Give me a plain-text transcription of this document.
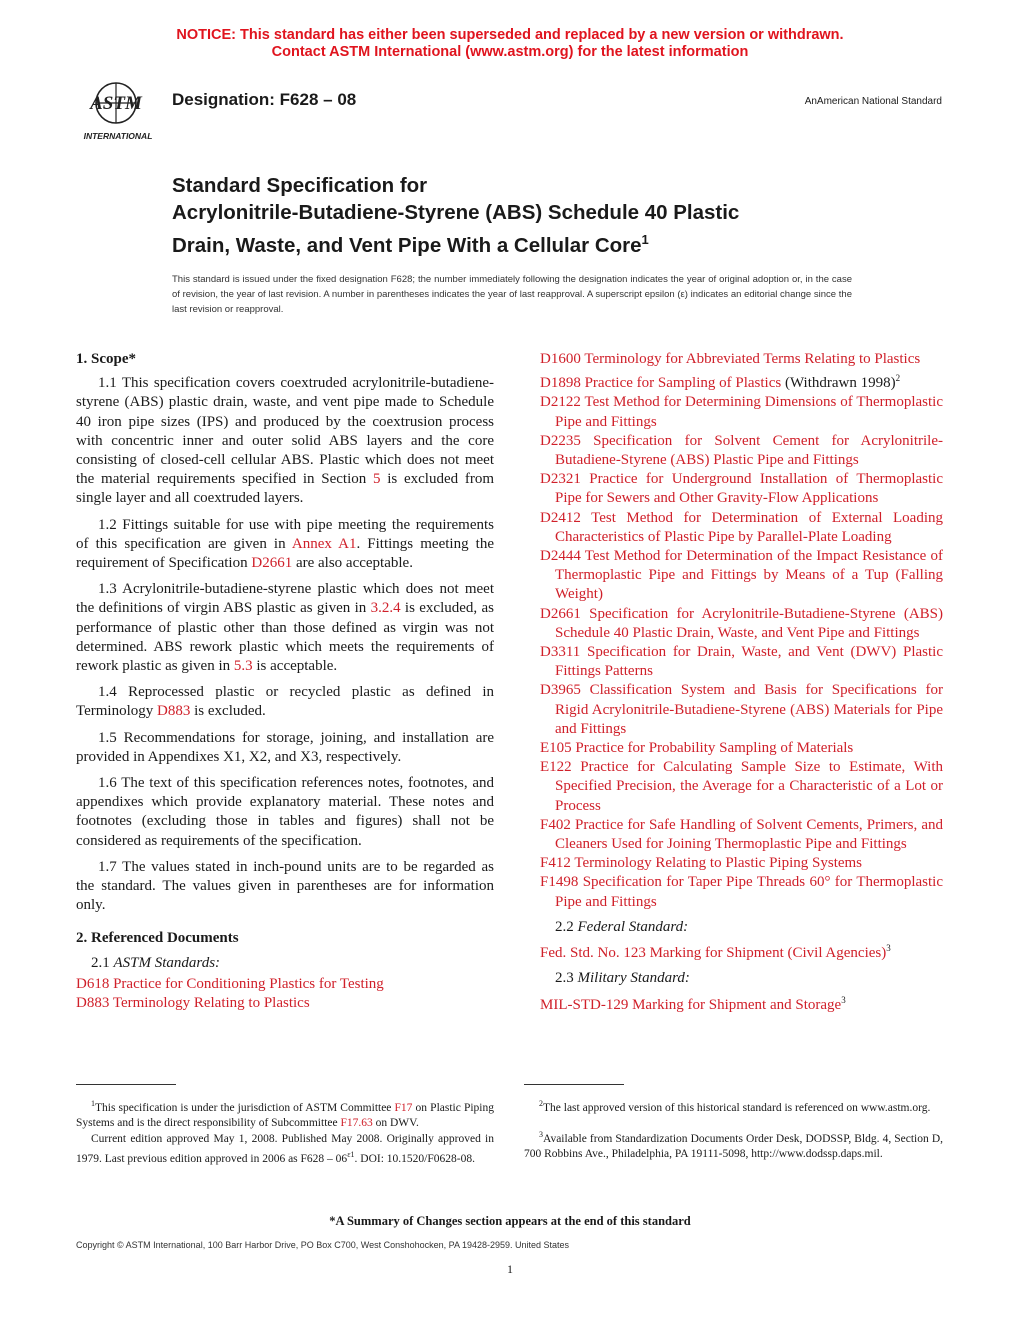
NOTICE: This standard has either been superseded and replaced by a new version or withdrawn.
Contact ASTM International (www.astm.org) for the latest information
ASTM
INTERNATIONAL
Designation: F628 – 08	AnAmerican National Standard
Standard Specification for
Acrylonitrile-Butadiene-Styrene (ABS) Schedule 40 Plastic
Drain, Waste, and Vent Pipe With a Cellular Core$^1$
This standard is issued under the fixed designation F628; the number immediately following the designation indicates the year of original adoption or, in the case of revision, the year of last revision. A number in parentheses indicates the year of last reapproval. A superscript epsilon (ε) indicates an editorial change since the last revision or reapproval.
1. Scope*

1.1 This specification covers coextruded acrylonitrile-butadiene-styrene (ABS) plastic drain, waste, and vent pipe made to Schedule 40 iron pipe sizes (IPS) and produced by the coextrusion process with concentric inner and outer solid ABS layers and the core consisting of closed-cell cellular ABS. Plastic which does not meet the material requirements specified in Section 5 is excluded from single layer and all coextruded layers.

1.2 Fittings suitable for use with pipe meeting the requirements of this specification are given in Annex A1. Fittings meeting the requirement of Specification D2661 are also acceptable.

1.3 Acrylonitrile-butadiene-styrene plastic which does not meet the definitions of virgin ABS plastic as given in 3.2.4 is excluded, as performance of plastic other than those defined as virgin was not determined. ABS rework plastic which meets the requirements of rework plastic as given in 5.3 is acceptable.

1.4 Reprocessed plastic or recycled plastic as defined in Terminology D883 is excluded.

1.5 Recommendations for storage, joining, and installation are provided in Appendixes X1, X2, and X3, respectively.

1.6 The text of this specification references notes, footnotes, and appendixes which provide explanatory material. These notes and footnotes (excluding those in tables and figures) shall not be considered as requirements of the specification.

1.7 The values stated in inch-pound units are to be regarded as the standard. The values given in parentheses are for information only.

2. Referenced Documents
2.1 ASTM Standards:

D618 Practice for Conditioning Plastics for Testing

D883 Terminology Relating to Plastics

D1600 Terminology for Abbreviated Terms Relating to Plastics

D1898 Practice for Sampling of Plastics (Withdrawn 1998)$^2$

D2122 Test Method for Determining Dimensions of Thermoplastic Pipe and Fittings

D2235 Specification for Solvent Cement for Acrylonitrile-Butadiene-Styrene (ABS) Plastic Pipe and Fittings

D2321 Practice for Underground Installation of Thermoplastic Pipe for Sewers and Other Gravity-Flow Applications

D2412 Test Method for Determination of External Loading Characteristics of Plastic Pipe by Parallel-Plate Loading

D2444 Test Method for Determination of the Impact Resistance of Thermoplastic Pipe and Fittings by Means of a Tup (Falling Weight)

D2661 Specification for Acrylonitrile-Butadiene-Styrene (ABS) Schedule 40 Plastic Drain, Waste, and Vent Pipe and Fittings

D3311 Specification for Drain, Waste, and Vent (DWV) Plastic Fittings Patterns

D3965 Classification System and Basis for Specifications for Rigid Acrylonitrile-Butadiene-Styrene (ABS) Materials for Pipe and Fittings

E105 Practice for Probability Sampling of Materials

E122 Practice for Calculating Sample Size to Estimate, With Specified Precision, the Average for a Characteristic of a Lot or Process

F402 Practice for Safe Handling of Solvent Cements, Primers, and Cleaners Used for Joining Thermoplastic Pipe and Fittings

F412 Terminology Relating to Plastic Piping Systems

F1498 Specification for Taper Pipe Threads 60° for Thermoplastic Pipe and Fittings

2.2 Federal Standard:

Fed. Std. No. 123 Marking for Shipment (Civil Agencies)$^3$

2.3 Military Standard:

MIL-STD-129 Marking for Shipment and Storage$^3$

$^1$This specification is under the jurisdiction of ASTM Committee F17 on Plastic Piping Systems and is the direct responsibility of Subcommittee F17.63 on DWV.
Current edition approved May 1, 2008. Published May 2008. Originally approved in 1979. Last previous edition approved in 2006 as $F628 - 06^{\varepsilon 1}$. DOI: 10.1520/F0628-08.
$^2$The last approved version of this historical standard is referenced on www.astm.org.
$^3$Available from Standardization Documents Order Desk, DODSSP, Bldg. 4, Section D, 700 Robbins Ave., Philadelphia, PA 19111-5098, http://www.dodssp.daps.mil.
*A Summary of Changes section appears at the end of this standard
Copyright © ASTM International, 100 Barr Harbor Drive, PO Box C700, West Conshohocken, PA 19428-2959. United States
1
